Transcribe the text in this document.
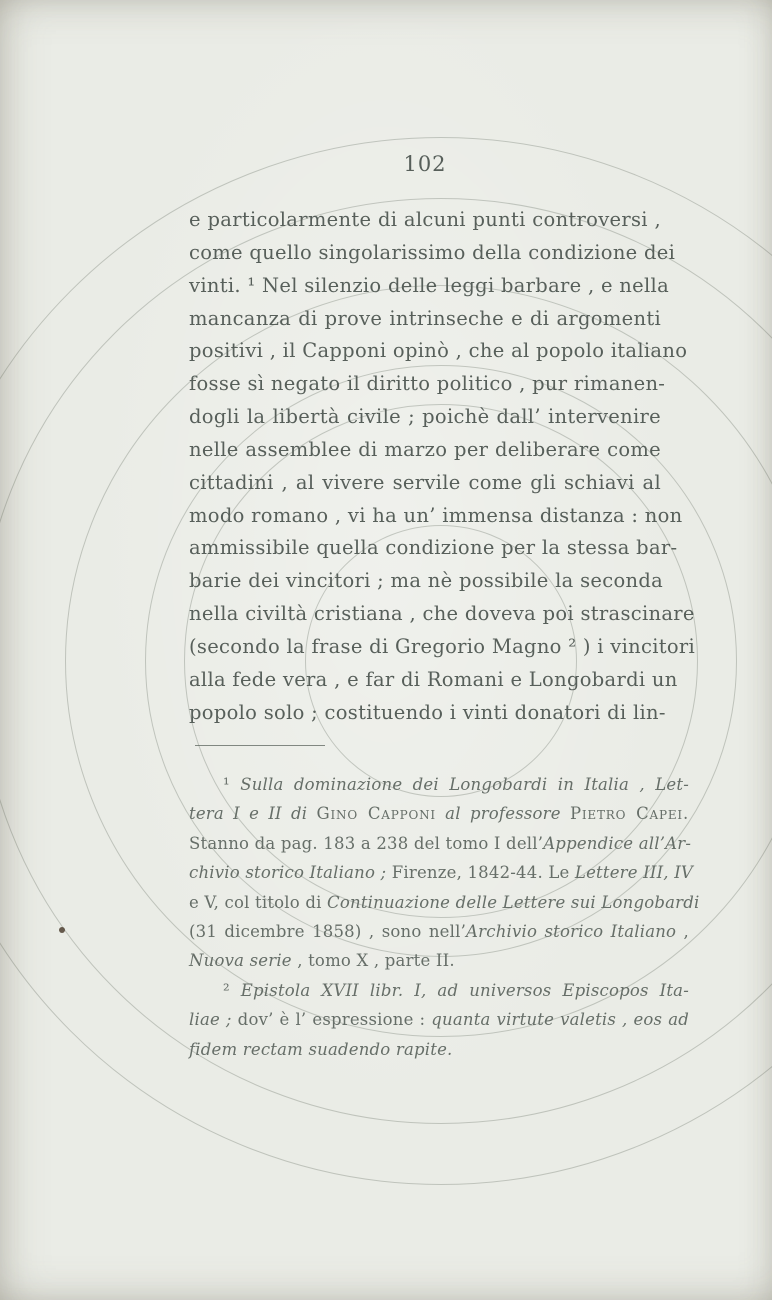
102
e particolarmente di alcuni punti controversi ,
come quello singolarissimo della condizione dei
vinti. ¹ Nel silenzio delle leggi barbare , e nella
mancanza di prove intrinseche e di argomenti
positivi , il Capponi opinò , che al popolo italiano
fosse sì negato il diritto politico , pur rimanen-
dogli la libertà civile ; poichè dall’ intervenire
nelle assemblee di marzo per deliberare come
cittadini , al vivere servile come gli schiavi al
modo romano , vi ha un’ immensa distanza : non
ammissibile quella condizione per la stessa bar-
barie dei vincitori ; ma nè possibile la seconda
nella civiltà cristiana , che doveva poi strascinare
(secondo la frase di Gregorio Magno ² ) i vincitori
alla fede vera , e far di Romani e Longobardi un
popolo solo ; costituendo i vinti donatori di lin-
¹ Sulla dominazione dei Longobardi in Italia , Let-
tera I e II di Gino Capponi al professore Pietro Capei.
Stanno da pag. 183 a 238 del tomo I dell’Appendice all’Ar-
chivio storico Italiano ; Firenze, 1842-44. Le Lettere III, IV
e V, col titolo di Continuazione delle Lettere sui Longobardi
(31 dicembre 1858) , sono nell’Archivio storico Italiano ,
Nuova serie , tomo X , parte II.
² Epistola XVII libr. I, ad universos Episcopos Ita-
liae ; dov’ è l’ espressione : quanta virtute valetis , eos ad
fidem rectam suadendo rapite.
